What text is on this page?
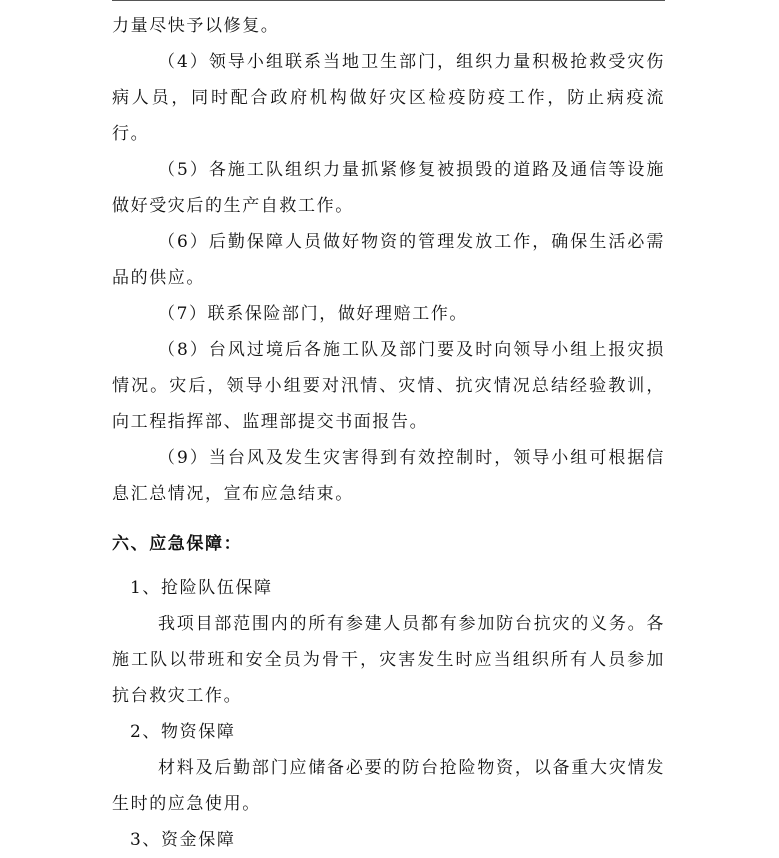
力量尽快予以修复。

（4）领导小组联系当地卫生部门，组织力量积极抢救受灾伤病人员，同时配合政府机构做好灾区检疫防疫工作，防止病疫流行。

（5）各施工队组织力量抓紧修复被损毁的道路及通信等设施做好受灾后的生产自救工作。

（6）后勤保障人员做好物资的管理发放工作，确保生活必需品的供应。

（7）联系保险部门，做好理赔工作。

（8）台风过境后各施工队及部门要及时向领导小组上报灾损情况。灾后，领导小组要对汛情、灾情、抗灾情况总结经验教训，向工程指挥部、监理部提交书面报告。

（9）当台风及发生灾害得到有效控制时，领导小组可根据信息汇总情况，宣布应急结束。

六、应急保障：

1、抢险队伍保障

我项目部范围内的所有参建人员都有参加防台抗灾的义务。各施工队以带班和安全员为骨干，灾害发生时应当组织所有人员参加抗台救灾工作。

2、物资保障

材料及后勤部门应储备必要的防台抢险物资，以备重大灾情发生时的应急使用。

3、资金保障
